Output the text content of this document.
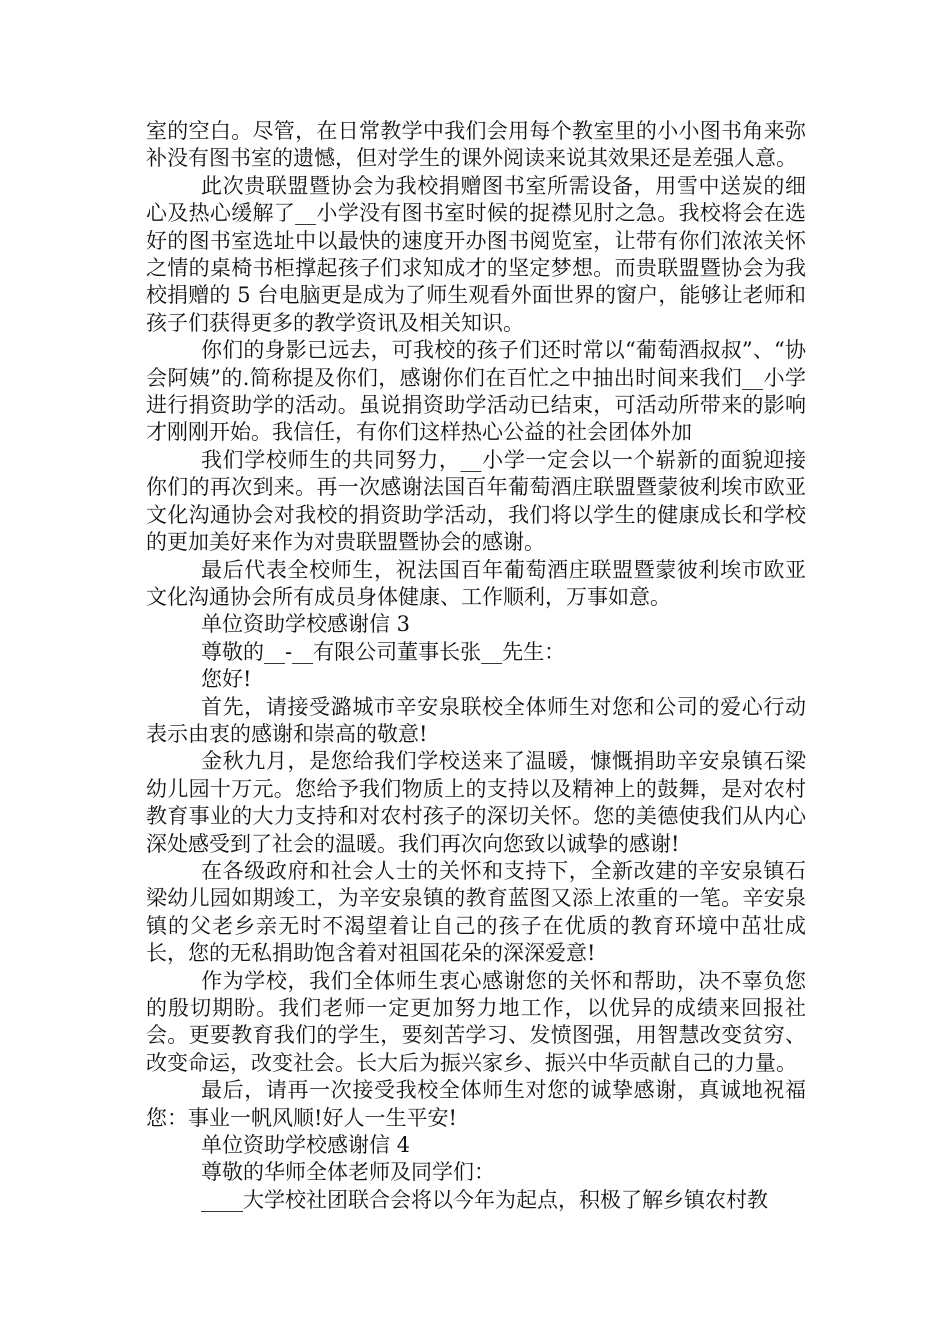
室的空白。尽管，在日常教学中我们会用每个教室里的小小图书角来弥补没有图书室的遗憾，但对学生的课外阅读来说其效果还是差强人意。

此次贵联盟暨协会为我校捐赠图书室所需设备，用雪中送炭的细心及热心缓解了__小学没有图书室时候的捉襟见肘之急。我校将会在选好的图书室选址中以最快的速度开办图书阅览室，让带有你们浓浓关怀之情的桌椅书柜撑起孩子们求知成才的坚定梦想。而贵联盟暨协会为我校捐赠的 5 台电脑更是成为了师生观看外面世界的窗户，能够让老师和孩子们获得更多的教学资讯及相关知识。

你们的身影已远去，可我校的孩子们还时常以“葡萄酒叔叔”、“协会阿姨”的.简称提及你们，感谢你们在百忙之中抽出时间来我们__小学进行捐资助学的活动。虽说捐资助学活动已结束，可活动所带来的影响才刚刚开始。我信任，有你们这样热心公益的社会团体外加

我们学校师生的共同努力，__小学一定会以一个崭新的面貌迎接你们的再次到来。再一次感谢法国百年葡萄酒庄联盟暨蒙彼利埃市欧亚文化沟通协会对我校的捐资助学活动，我们将以学生的健康成长和学校的更加美好来作为对贵联盟暨协会的感谢。

最后代表全校师生，祝法国百年葡萄酒庄联盟暨蒙彼利埃市欧亚文化沟通协会所有成员身体健康、工作顺利，万事如意。

单位资助学校感谢信 3

尊敬的__-__有限公司董事长张__先生：

您好!

首先，请接受潞城市辛安泉联校全体师生对您和公司的爱心行动表示由衷的感谢和崇高的敬意!

金秋九月，是您给我们学校送来了温暖，慷慨捐助辛安泉镇石梁幼儿园十万元。您给予我们物质上的支持以及精神上的鼓舞，是对农村教育事业的大力支持和对农村孩子的深切关怀。您的美德使我们从内心深处感受到了社会的温暖。我们再次向您致以诚挚的感谢!

在各级政府和社会人士的关怀和支持下，全新改建的辛安泉镇石梁幼儿园如期竣工，为辛安泉镇的教育蓝图又添上浓重的一笔。辛安泉镇的父老乡亲无时不渴望着让自己的孩子在优质的教育环境中茁壮成长，您的无私捐助饱含着对祖国花朵的深深爱意!

作为学校，我们全体师生衷心感谢您的关怀和帮助，决不辜负您的殷切期盼。我们老师一定更加努力地工作，以优异的成绩来回报社会。更要教育我们的学生，要刻苦学习、发愤图强，用智慧改变贫穷、改变命运，改变社会。长大后为振兴家乡、振兴中华贡献自己的力量。

最后，请再一次接受我校全体师生对您的诚挚感谢，真诚地祝福您：事业一帆风顺!好人一生平安!

单位资助学校感谢信 4

尊敬的华师全体老师及同学们：

____大学校社团联合会将以今年为起点，积极了解乡镇农村教
